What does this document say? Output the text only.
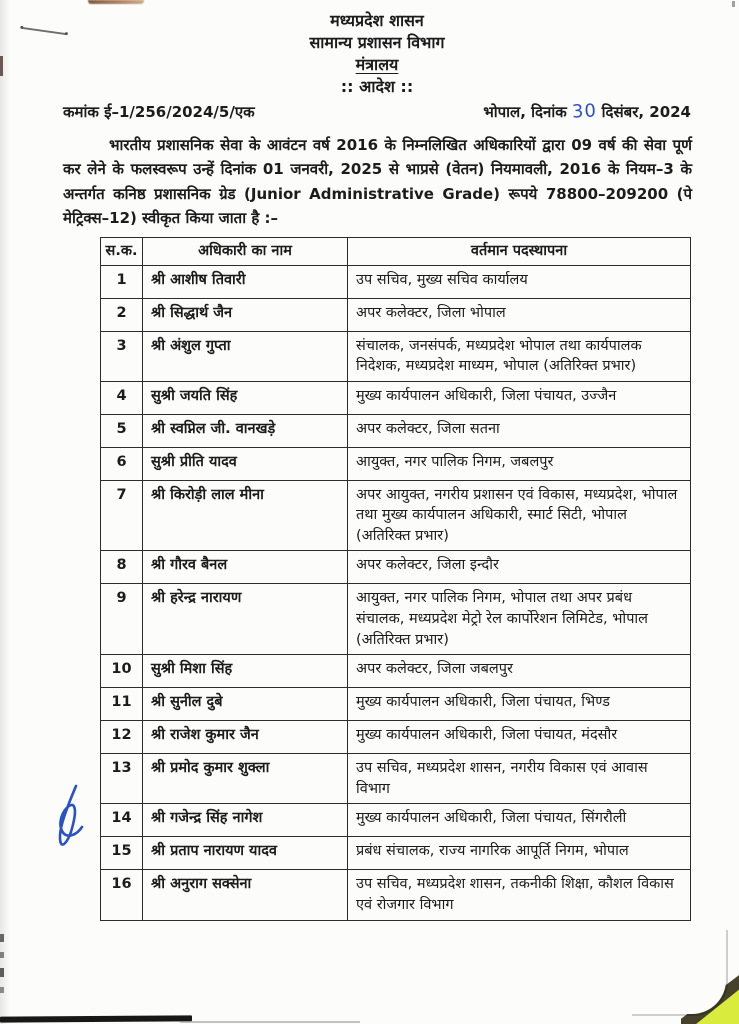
मध्यप्रदेश शासन
सामान्य प्रशासन विभाग
मंत्रालय
:: आदेश ::
कमांक ई–1/256/2024/5/एक	भोपाल, दिनांक 30 दिसंबर, 2024
भारतीय प्रशासनिक सेवा के आवंटन वर्ष 2016 के निम्नलिखित अधिकारियों द्वारा 09 वर्ष की सेवा पूर्ण कर लेने के फलस्वरूप उन्हें दिनांक 01 जनवरी, 2025 से भाप्रसे (वेतन) नियमावली, 2016 के नियम–3 के अन्तर्गत कनिष्ठ प्रशासनिक ग्रेड (Junior Administrative Grade) रूपये 78800–209200 (पे मेट्रिक्स–12) स्वीकृत किया जाता है :–
स.क.	अधिकारी का नाम	वर्तमान पदस्थापना
1	श्री आशीष तिवारी	उप सचिव, मुख्य सचिव कार्यालय
2	श्री सिद्धार्थ जैन	अपर कलेक्टर, जिला भोपाल
3	श्री अंशुल गुप्ता	संचालक, जनसंपर्क, मध्यप्रदेश भोपाल तथा कार्यपालक निदेशक, मध्यप्रदेश माध्यम, भोपाल (अतिरिक्त प्रभार)
4	सुश्री जयति सिंह	मुख्य कार्यपालन अधिकारी, जिला पंचायत, उज्जैन
5	श्री स्वप्निल जी. वानखड़े	अपर कलेक्टर, जिला सतना
6	सुश्री प्रीति यादव	आयुक्त, नगर पालिक निगम, जबलपुर
7	श्री किरोड़ी लाल मीना	अपर आयुक्त, नगरीय प्रशासन एवं विकास, मध्यप्रदेश, भोपाल तथा मुख्य कार्यपालन अधिकारी, स्मार्ट सिटी, भोपाल (अतिरिक्त प्रभार)
8	श्री गौरव बैनल	अपर कलेक्टर, जिला इन्दौर
9	श्री हरेन्द्र नारायण	आयुक्त, नगर पालिक निगम, भोपाल तथा अपर प्रबंध संचालक, मध्यप्रदेश मेट्रो रेल कार्पोरेशन लिमिटेड, भोपाल (अतिरिक्त प्रभार)
10	सुश्री मिशा सिंह	अपर कलेक्टर, जिला जबलपुर
11	श्री सुनील दुबे	मुख्य कार्यपालन अधिकारी, जिला पंचायत, भिण्ड
12	श्री राजेश कुमार जैन	मुख्य कार्यपालन अधिकारी, जिला पंचायत, मंदसौर
13	श्री प्रमोद कुमार शुक्ला	उप सचिव, मध्यप्रदेश शासन, नगरीय विकास एवं आवास विभाग
14	श्री गजेन्द्र सिंह नागेश	मुख्य कार्यपालन अधिकारी, जिला पंचायत, सिंगरौली
15	श्री प्रताप नारायण यादव	प्रबंध संचालक, राज्य नागरिक आपूर्ति निगम, भोपाल
16	श्री अनुराग सक्सेना	उप सचिव, मध्यप्रदेश शासन, तकनीकी शिक्षा, कौशल विकास एवं रोजगार विभाग
